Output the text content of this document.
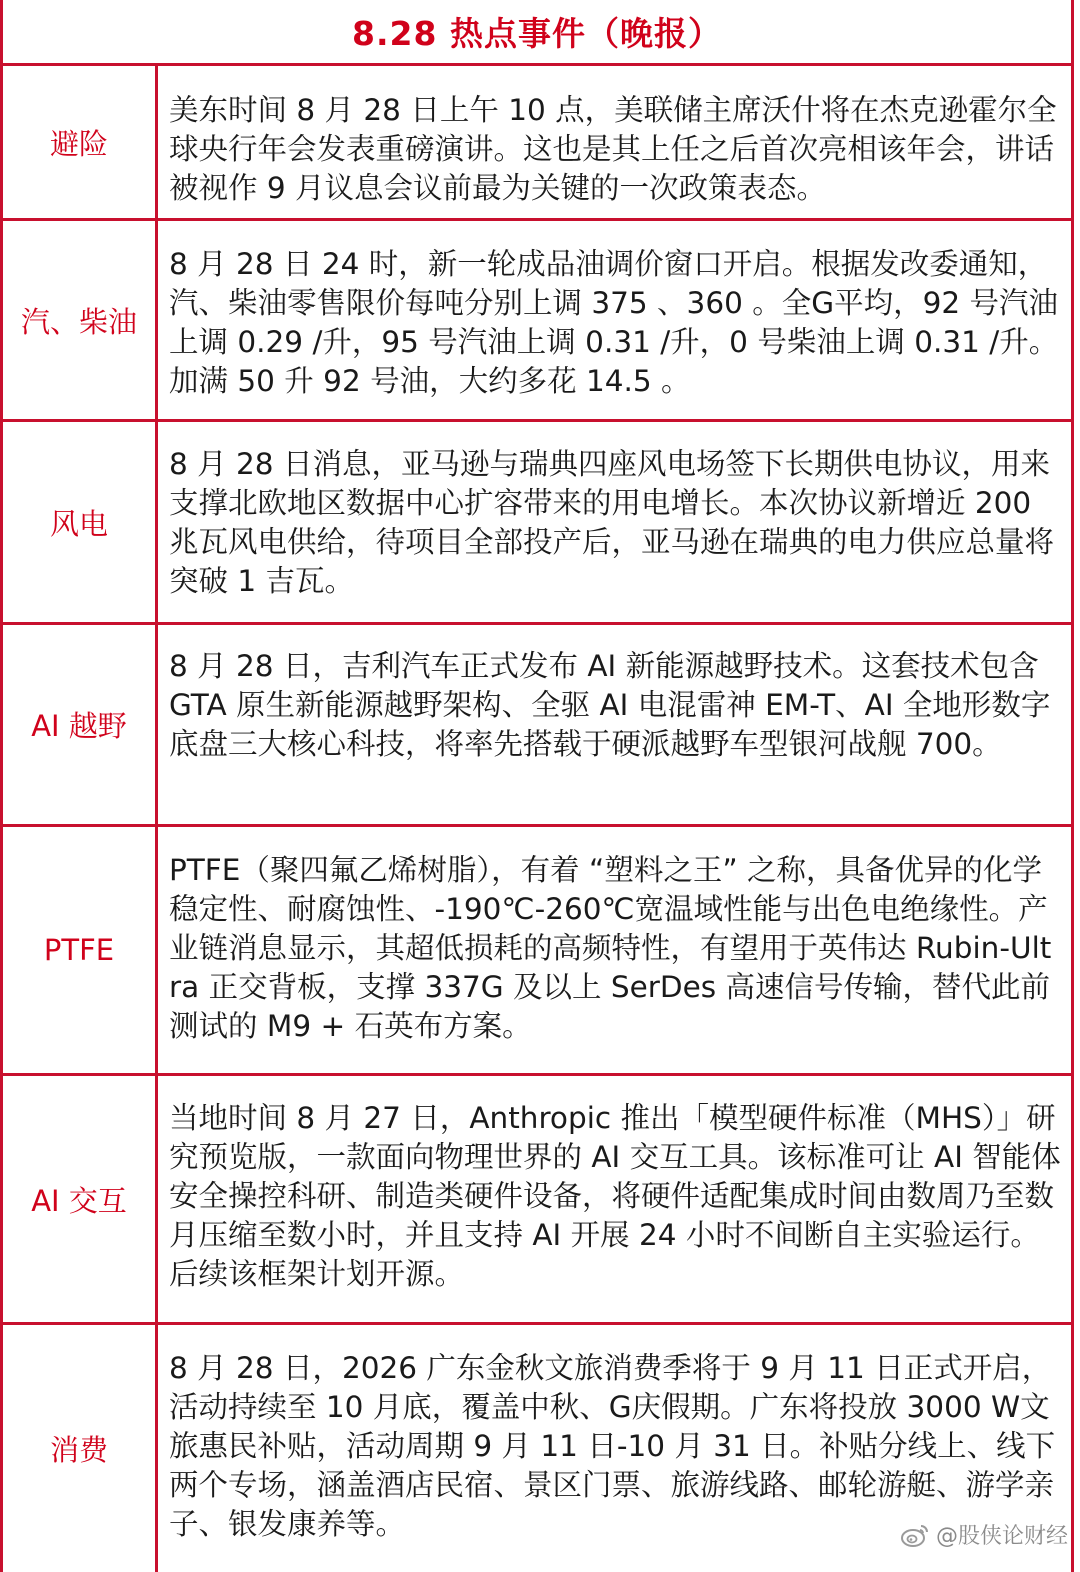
8.28 热点事件（晚报）
避险
美东时间 8 月 28 日上午 10 点，美联储主席沃什将在杰克逊霍尔全球央行年会发表重磅演讲。这也是其上任之后首次亮相该年会，讲话被视作 9 月议息会议前最为关键的一次政策表态。
汽、柴油
8 月 28 日 24 时，新一轮成品油调价窗口开启。根据发改委通知，汽、柴油零售限价每吨分别上调 375 、360 。全G平均，92 号汽油上调 0.29 /升，95 号汽油上调 0.31 /升，0 号柴油上调 0.31 /升。加满 50 升 92 号油，大约多花 14.5 。
风电
8 月 28 日消息，亚马逊与瑞典四座风电场签下长期供电协议，用来支撑北欧地区数据中心扩容带来的用电增长。本次协议新增近 200 兆瓦风电供给，待项目全部投产后，亚马逊在瑞典的电力供应总量将突破 1 吉瓦。
AI 越野
8 月 28 日，吉利汽车正式发布 AI 新能源越野技术。这套技术包含 GTA 原生新能源越野架构、全驱 AI 电混雷神 EM-T、AI 全地形数字底盘三大核心科技，将率先搭载于硬派越野车型银河战舰 700。
PTFE
PTFE（聚四氟乙烯树脂），有着 “塑料之王” 之称，具备优异的化学稳定性、耐腐蚀性、-190℃-260℃宽温域性能与出色电绝缘性。产业链消息显示，其超低损耗的高频特性，有望用于英伟达 Rubin-Ultra 正交背板，支撑 337G 及以上 SerDes 高速信号传输，替代此前测试的 M9 + 石英布方案。
AI 交互
当地时间 8 月 27 日，Anthropic 推出「模型硬件标准（MHS）」研究预览版，一款面向物理世界的 AI 交互工具。该标准可让 AI 智能体安全操控科研、制造类硬件设备，将硬件适配集成时间由数周乃至数月压缩至数小时，并且支持 AI 开展 24 小时不间断自主实验运行。后续该框架计划开源。
消费
8 月 28 日，2026 广东金秋文旅消费季将于 9 月 11 日正式开启，活动持续至 10 月底，覆盖中秋、G庆假期。广东将投放 3000 W文旅惠民补贴，活动周期 9 月 11 日-10 月 31 日。补贴分线上、线下两个专场，涵盖酒店民宿、景区门票、旅游线路、邮轮游艇、游学亲子、银发康养等。	@股侠论财经
